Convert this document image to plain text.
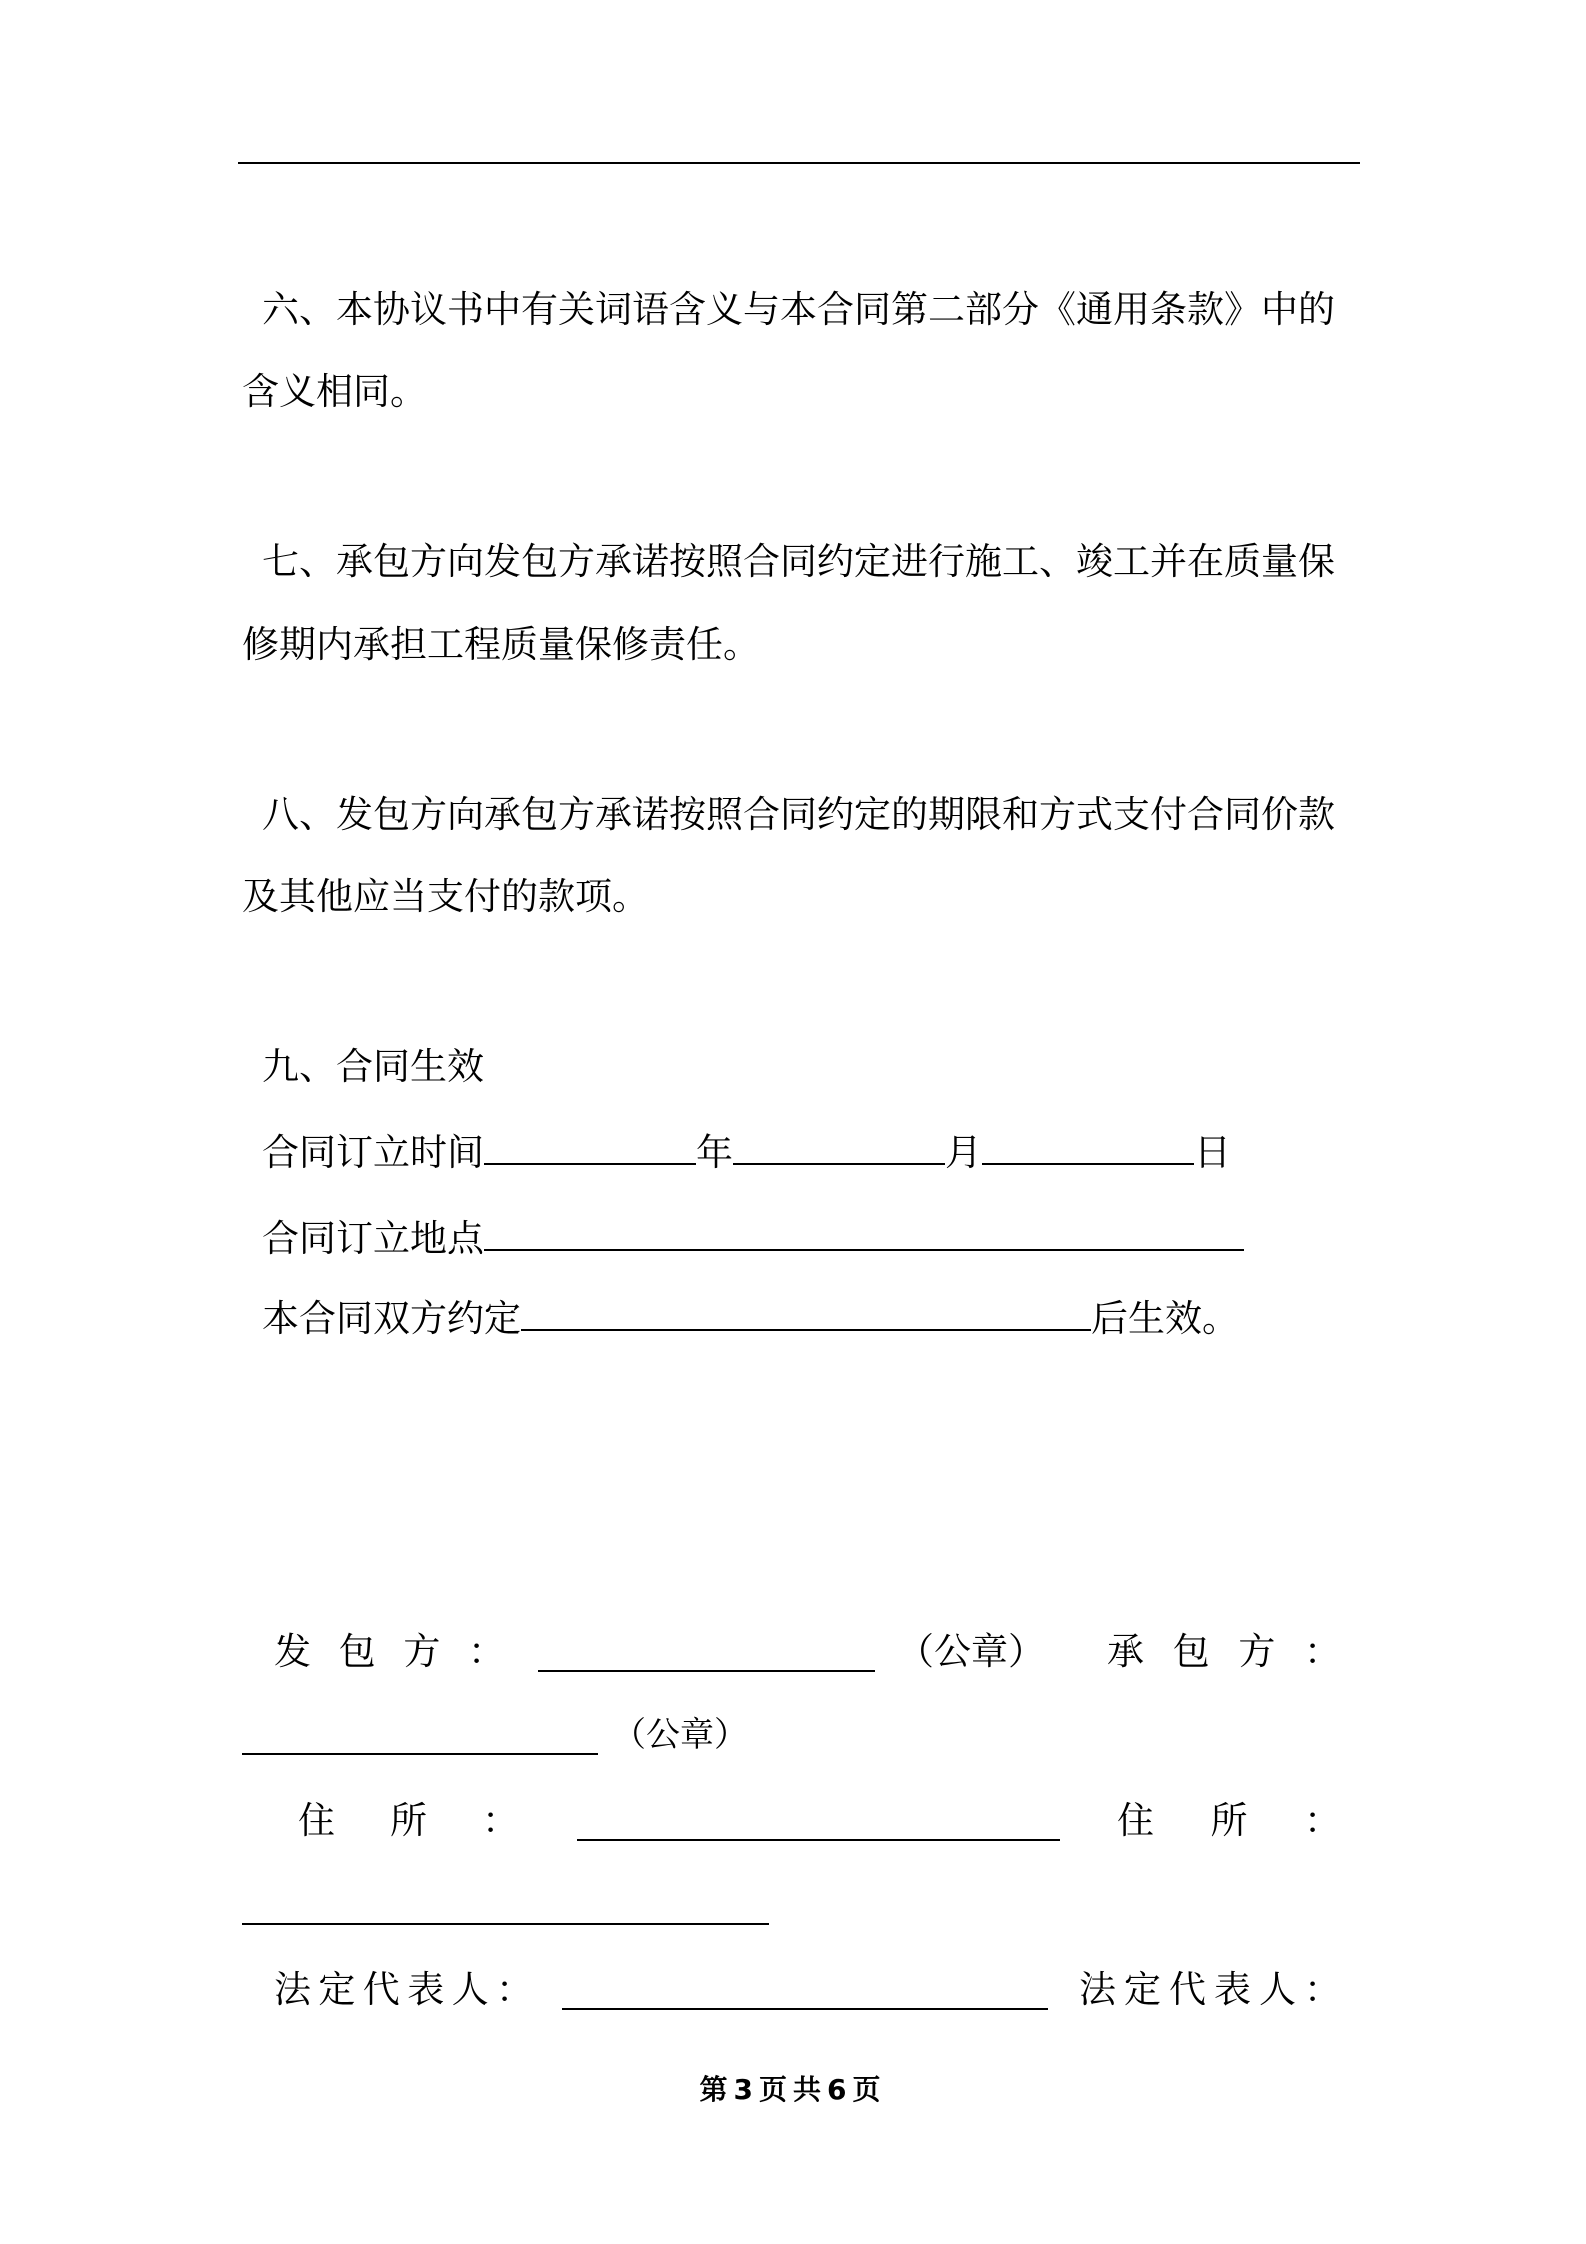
六、本协议书中有关词语含义与本合同第二部分《通用条款》中的
含义相同。
七、承包方向发包方承诺按照合同约定进行施工、竣工并在质量保
修期内承担工程质量保修责任。
八、发包方向承包方承诺按照合同约定的期限和方式支付合同价款
及其他应当支付的款项。
九、合同生效
合同订立时间	年	月	日
合同订立地点
本合同双方约定	后生效。
发包方：	（公章） 承包方：
（公章）
住所：	住所：
法定代表人：	法定代表人：
第3页共6页
